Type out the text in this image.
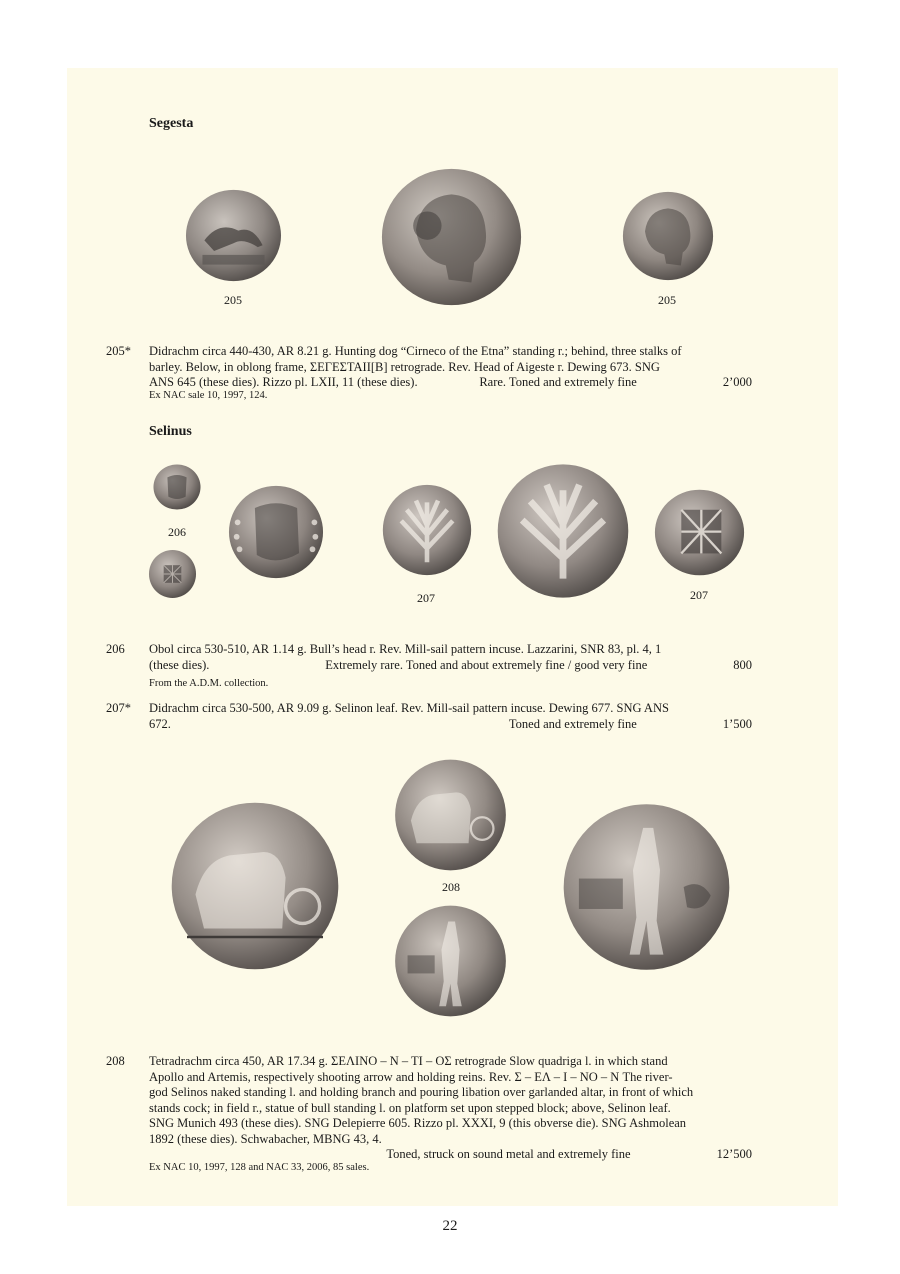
Segesta
205	205
205* Didrachm circa 440-430, AR 8.21 g. Hunting dog “Cirneco of the Etna” standing r.; behind, three stalks of
barley. Below, in oblong frame, ΣΕΓΕΣΤΑΙΙ[Β] retrograde. Rev. Head of Aigeste r. Dewing 673. SNG
ANS 645 (these dies). Rizzo pl. LXII, 11 (these dies).	Rare. Toned and extremely fine	2’000
Ex NAC sale 10, 1997, 124.
Selinus
206
207	207
206 Obol circa 530-510, AR 1.14 g. Bull’s head r. Rev. Mill-sail pattern incuse. Lazzarini, SNR 83, pl. 4, 1
(these dies).	Extremely rare. Toned and about extremely fine / good very fine	800
From the A.D.M. collection.
207* Didrachm circa 530-500, AR 9.09 g. Selinon leaf. Rev. Mill-sail pattern incuse. Dewing 677. SNG ANS
672.	Toned and extremely fine	1’500
208
208 Tetradrachm circa 450, AR 17.34 g. ΣΕΛΙΝΟ – Ν – ΤΙ – ΟΣ retrograde Slow quadriga l. in which stand
Apollo and Artemis, respectively shooting arrow and holding reins. Rev. Σ – ΕΛ – Ι – ΝΟ – Ν The river-
god Selinos naked standing l. and holding branch and pouring libation over garlanded altar, in front of which
stands cock; in field r., statue of bull standing l. on platform set upon stepped block; above, Selinon leaf.
SNG Munich 493 (these dies). SNG Delepierre 605. Rizzo pl. XXXI, 9 (this obverse die). SNG Ashmolean
1892 (these dies). Schwabacher, MBNG 43, 4.
Toned, struck on sound metal and extremely fine	12’500
Ex NAC 10, 1997, 128 and NAC 33, 2006, 85 sales.
22
